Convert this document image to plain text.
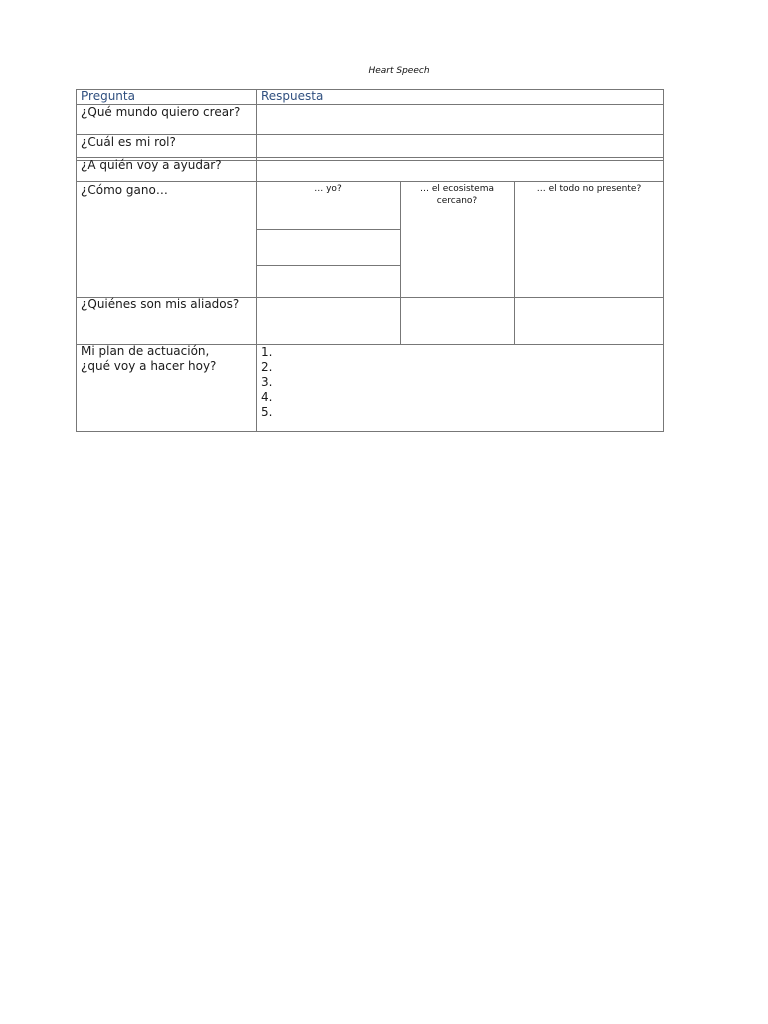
Heart Speech
Pregunta	Respuesta
¿Qué mundo quiero crear?
¿Cuál es mi rol?
¿A quién voy a ayudar?
¿Cómo gano…
¿Quiénes son mis aliados?
Mi plan de actuación, ¿qué voy a hacer hoy?
… yo?	… el ecosistema cercano?
… el todo no presente?
1.
2.
3.
4.
5.
